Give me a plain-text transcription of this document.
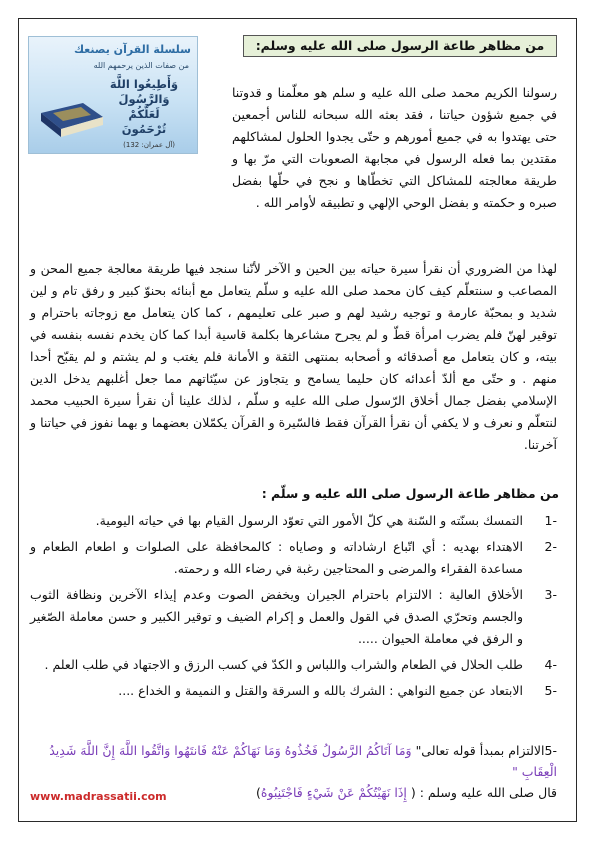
سلسلة القرآن يصنعك
من صفات الذين يرحمهم الله
وَأَطِيعُوا اللَّهَ
وَالرَّسُولَ
لَعَلَّكُمْ
تُرْحَمُونَ
(آل عمران: 132)
من مظاهر طاعة الرسول صلى الله عليه وسلم:

رسولنا الكريم محمد صلى الله عليه و سلم هو معلّمنا و قدوتنا في جميع شؤون حياتنا ، فقد بعثه الله سبحانه للناس أجمعين حتى يهتدوا به في جميع أمورهم و حتّى يجدوا الحلول لمشاكلهم مقتدين بما فعله الرسول في مجابهة الصعوبات التي مرّ بها و طريقة معالجته للمشاكل التي تخطّاها و نجح في حلّها بفضل صبره و حكمته و بفضل الوحي الإلهي و تطبيقه لأوامر الله .

لهذا من الضروري أن نقرأ سيرة حياته بين الحين و الآخر لأنّنا سنجد فيها طريقة معالجة جميع المحن و المصاعب و سنتعلّم كيف كان محمد صلى الله عليه و سلّم يتعامل مع أبنائه بحنوّ كبير و رفق تام و لين شديد و بمحبّة عارمة و توجيه رشيد لهم و صبر على تعليمهم ، كما كان يتعامل مع زوجاته باحترام و توقير لهنّ فلم يضرب امرأة قطّ و لم يجرح مشاعرها بكلمة قاسية أبدا كما كان يخدم نفسه بنفسه في بيته، و كان يتعامل مع أصدقائه و أصحابه بمنتهى الثقة و الأمانة فلم يغتب و لم يشتم و لم يقبّح أحدا منهم . و حتّى مع ألدّ أعدائه كان حليما يسامح و يتجاوز عن سيّئاتهم مما جعل أغلبهم يدخل الدين الإسلامي بفضل جمال أخلاق الرّسول صلى الله عليه و سلّم ، لذلك علينا أن نقرأ سيرة الحبيب محمد لنتعلّم و نعرف و لا يكفي أن نقرأ القرآن فقط فالسّيرة و القرآن يكمّلان بعضهما و بهما نفوز في حياتنا و آخرتنا.

من مظاهر طاعة الرسول صلى الله عليه و سلّم :
-1
التمسك بسنّته و السّنة هي كلّ الأمور التي تعوّد الرسول القيام بها في حياته اليومية.
-2
الاهتداء بهديه : أي اتّباع ارشاداته و وصاياه : كالمحافظة على الصلوات و اطعام الطعام و مساعدة الفقراء والمرضى و المحتاجين رغبة في رضاء الله و رحمته.
-3
الأخلاق العالية : الالتزام باحترام الجيران ويخفض الصوت وعدم إيذاء الآخرين ونظافة الثوب والجسم وتحرّي الصدق في القول والعمل و إكرام الضيف و توقير الكبير و حسن معاملة الصّغير و الرفق في معاملة الحيوان .....
-4
طلب الحلال في الطعام والشراب واللباس و الكدّ في كسب الرزق و الاجتهاد في طلب العلم .
-5
الابتعاد عن جميع النواهي : الشرك بالله و السرقة والقتل و النميمة و الخداع ....
-5الالتزام بمبدأ قوله تعالى" وَمَا آتَاكُمُ الرَّسُولُ فَخُذُوهُ وَمَا نَهَاكُمْ عَنْهُ فَانتَهُوا وَاتَّقُوا اللَّهَ إِنَّ اللَّهَ شَدِيدُ الْعِقَابِ "
قال صلى الله عليه وسلم : ( إِذَا نَهَيْتُكُمْ عَنْ شَيْءٍ فَاجْتَنِبُوهُ)
www.madrassatii.com
